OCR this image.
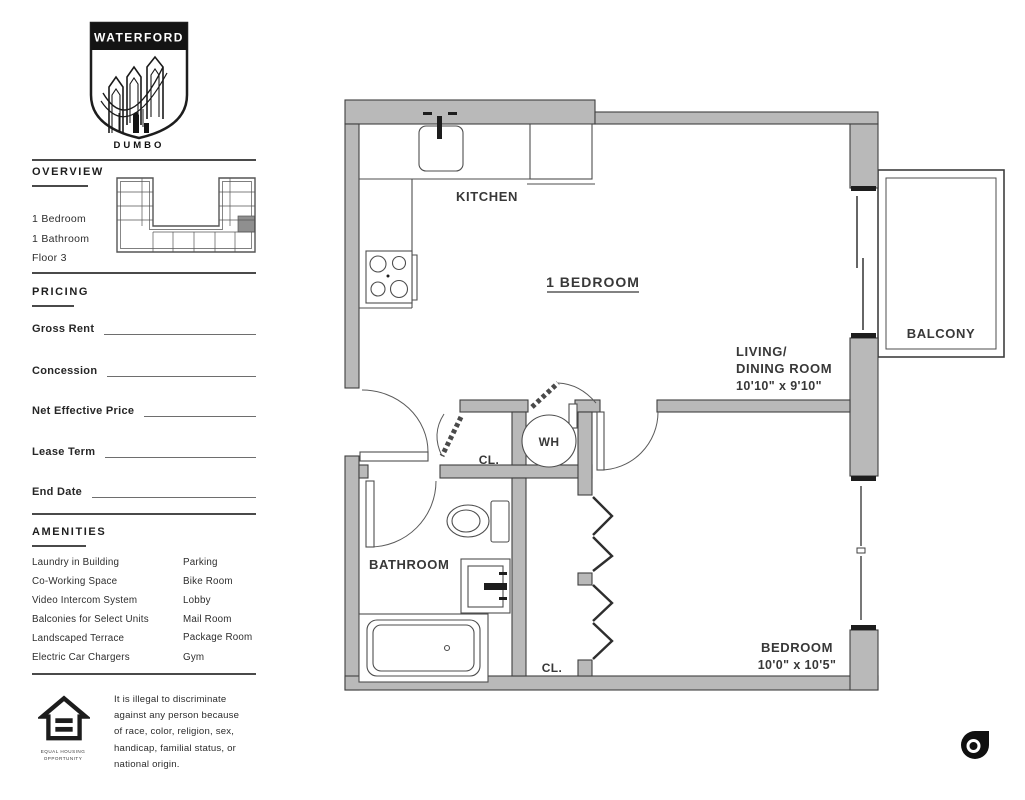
WATERFORD
DUMBO
OVERVIEW
1 Bedroom
1 Bathroom
Floor 3
PRICING
Gross Rent
Concession
Net Effective Price
Lease Term
End Date
AMENITIES
Laundry in Building
Co-Working Space
Video Intercom System
Balconies for Select Units
Landscaped Terrace
Electric Car Chargers
Parking
Bike Room
Lobby
Mail Room
Package Room
Gym
EQUAL HOUSING
OPPORTUNITY
It is illegal to discriminate
against any person because
of race, color, religion, sex,
handicap, familial status, or
national origin.
KITCHEN
1 BEDROOM
LIVING/
DINING ROOM
10'10" x 9'10"
BALCONY
WH
CL.
BATHROOM
CL.
BEDROOM
10'0" x 10'5"
